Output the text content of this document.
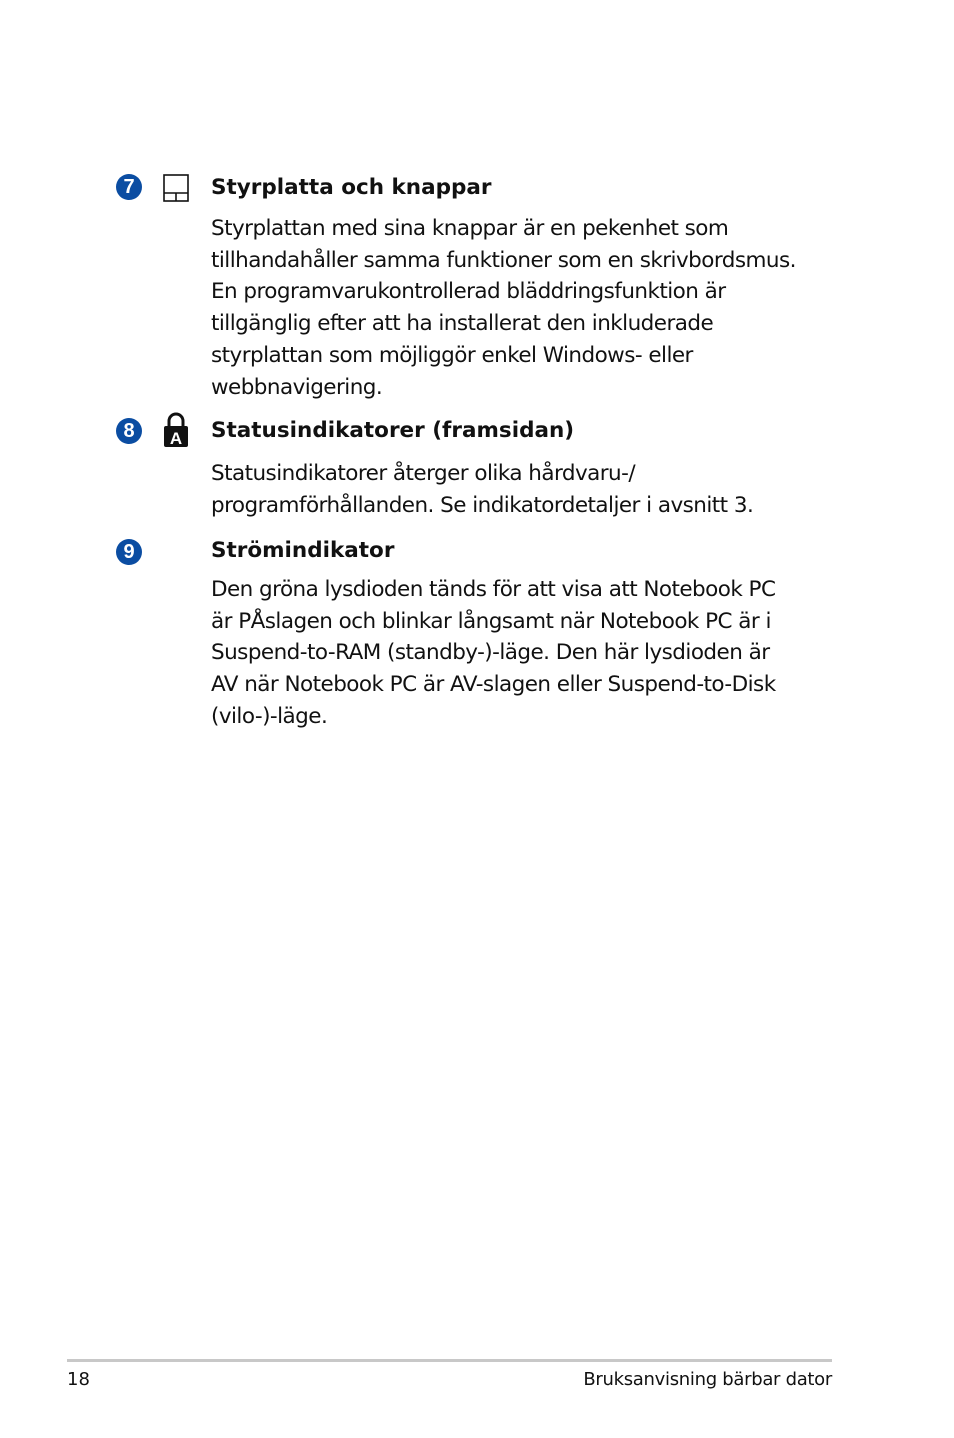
7	Styrplatta och knappar

Styrplattan med sina knappar är en pekenhet som
tillhandahåller samma funktioner som en skrivbordsmus.
En programvarukontrollerad bläddringsfunktion är
tillgänglig efter att ha installerat den inkluderade
styrplattan som möjliggör enkel Windows- eller
webbnavigering.

8	A Statusindikatorer (framsidan)

Statusindikatorer återger olika hårdvaru-/
programförhållanden. Se indikatordetaljer i avsnitt 3.

9	Strömindikator

Den gröna lysdioden tänds för att visa att Notebook PC
är PÅslagen och blinkar långsamt när Notebook PC är i
Suspend-to-RAM (standby-)-läge. Den här lysdioden är
AV när Notebook PC är AV-slagen eller Suspend-to-Disk
(vilo-)-läge.

18	Bruksanvisning bärbar dator
